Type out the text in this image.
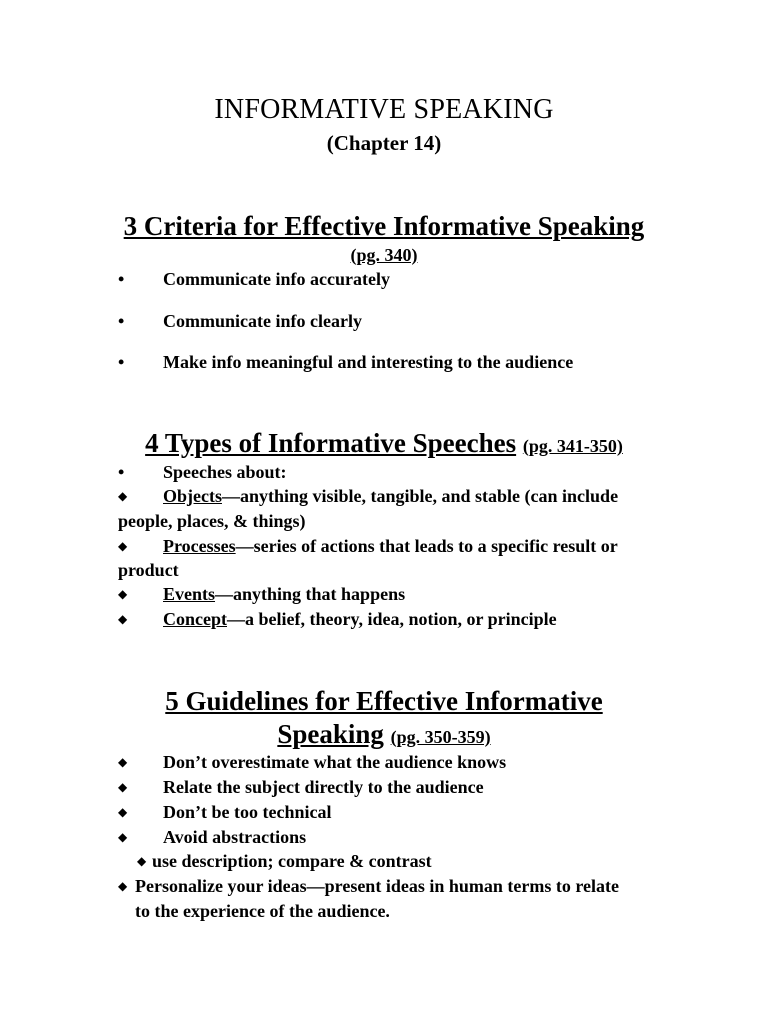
INFORMATIVE SPEAKING
(Chapter 14)
3 Criteria for Effective Informative Speaking
(pg. 340)
•	Communicate info accurately
•	Communicate info clearly
•	Make info meaningful and interesting to the audience
4 Types of Informative Speeches (pg. 341-350)
•	Speeches about:
◆	Objects—anything visible, tangible, and stable (can include
people, places, & things)
◆	Processes—series of actions that leads to a specific result or
product
◆	Events—anything that happens
◆	Concept—a belief, theory, idea, notion, or principle
5 Guidelines for Effective Informative
Speaking (pg. 350-359)
◆	Don’t overestimate what the audience knows
◆	Relate the subject directly to the audience
◆	Don’t be too technical
◆	Avoid abstractions
◆ use description; compare & contrast
◆ Personalize your ideas—present ideas in human terms to relate
to the experience of the audience.
